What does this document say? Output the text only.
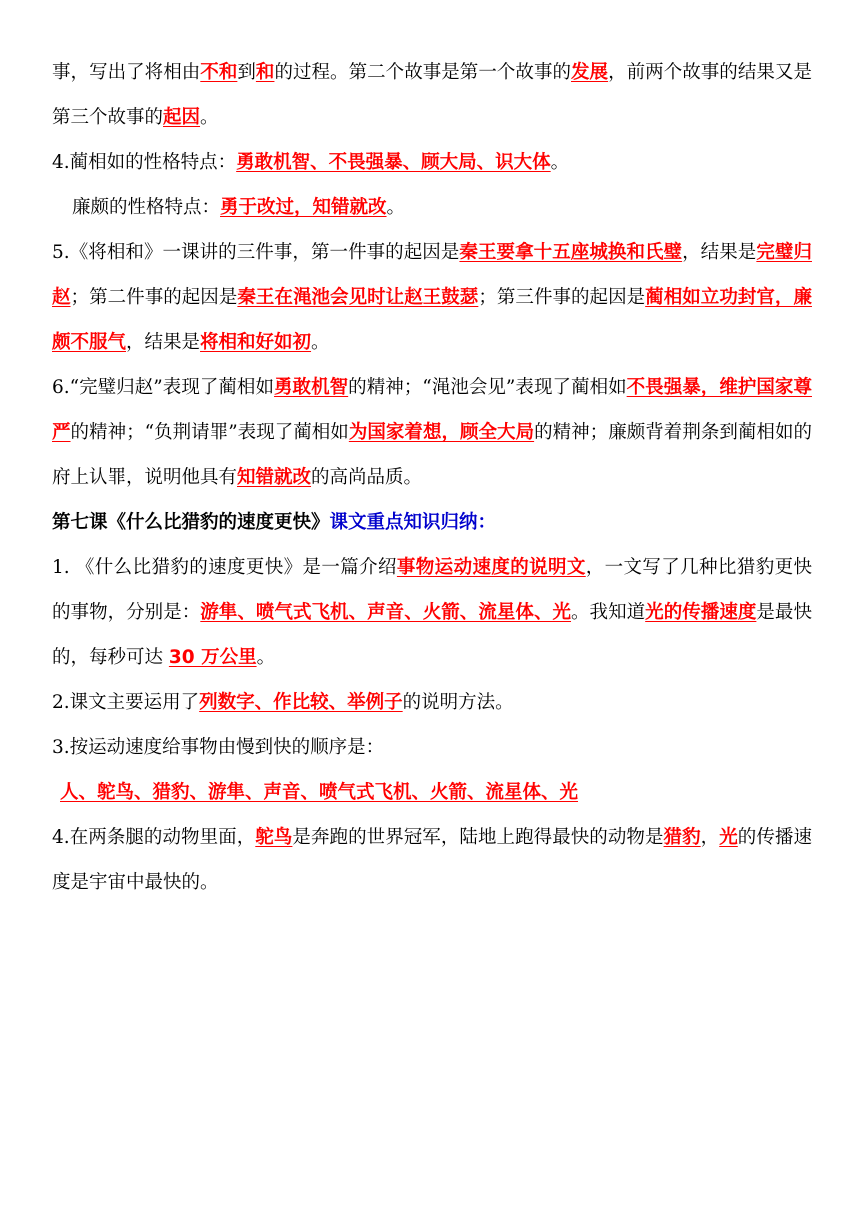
事，写出了将相由不和到和的过程。第二个故事是第一个故事的发展，前两个故事的结果又是第三个故事的起因。

4.蔺相如的性格特点：勇敢机智、不畏强暴、顾大局、识大体。

廉颇的性格特点：勇于改过，知错就改。

5.《将相和》一课讲的三件事，第一件事的起因是秦王要拿十五座城换和氏璧，结果是完璧归赵；第二件事的起因是秦王在渑池会见时让赵王鼓瑟；第三件事的起因是蔺相如立功封官，廉颇不服气，结果是将相和好如初。

6.“完璧归赵”表现了蔺相如勇敢机智的精神；“渑池会见”表现了蔺相如不畏强暴，维护国家尊严的精神；“负荆请罪”表现了蔺相如为国家着想，顾全大局的精神；廉颇背着荆条到蔺相如的府上认罪，说明他具有知错就改的高尚品质。

第七课《什么比猎豹的速度更快》课文重点知识归纳：

1. 《什么比猎豹的速度更快》是一篇介绍事物运动速度的说明文，一文写了几种比猎豹更快的事物，分别是：游隼、喷气式飞机、声音、火箭、流星体、光。我知道光的传播速度是最快的，每秒可达 30 万公里。

2.课文主要运用了列数字、作比较、举例子的说明方法。

3.按运动速度给事物由慢到快的顺序是：

人、鸵鸟、猎豹、游隼、声音、喷气式飞机、火箭、流星体、光

4.在两条腿的动物里面，鸵鸟是奔跑的世界冠军，陆地上跑得最快的动物是猎豹，光的传播速度是宇宙中最快的。
